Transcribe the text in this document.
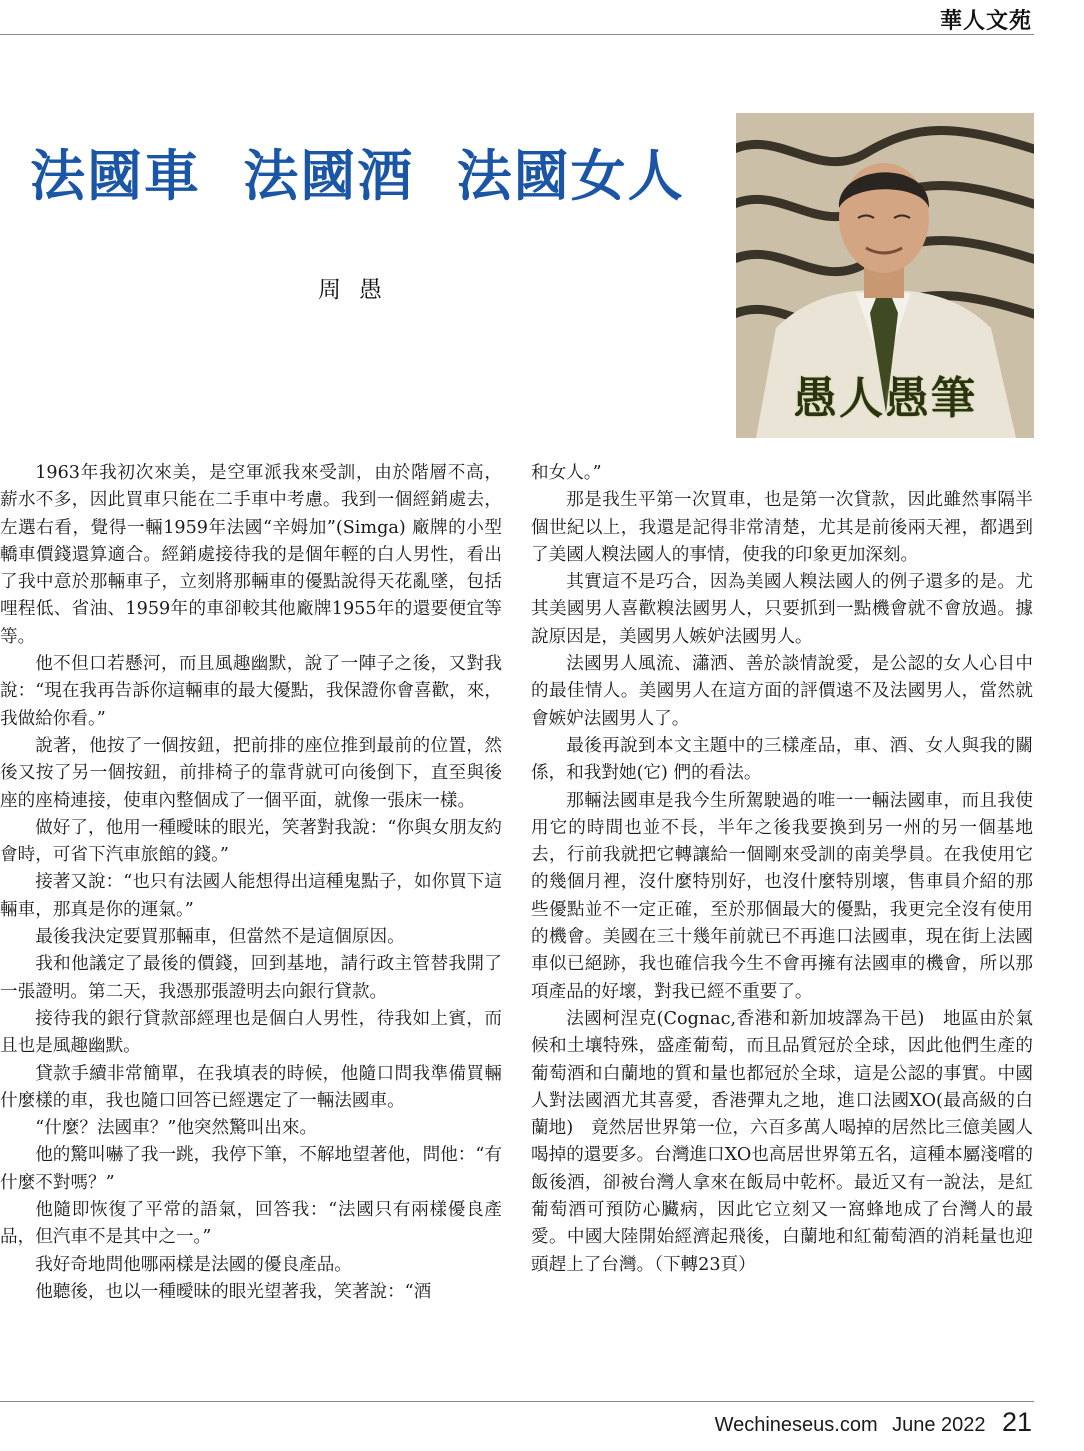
華人文苑
法國車  法國酒  法國女人
周愚
愚人愚筆

1963年我初次來美，是空軍派我來受訓，由於階層不高，薪水不多，因此買車只能在二手車中考慮。我到一個經銷處去，左選右看，覺得一輛1959年法國“辛姆加”(Simga) 廠牌的小型轎車價錢還算適合。經銷處接待我的是個年輕的白人男性，看出了我中意於那輛車子，立刻將那輛車的優點說得天花亂墜，包括哩程低、省油、1959年的車卻較其他廠牌1955年的還要便宜等等。

他不但口若懸河，而且風趣幽默，說了一陣子之後，又對我說：“現在我再告訴你這輛車的最大優點，我保證你會喜歡，來，我做給你看。”

說著，他按了一個按鈕，把前排的座位推到最前的位置，然後又按了另一個按鈕，前排椅子的靠背就可向後倒下，直至與後座的座椅連接，使車內整個成了一個平面，就像一張床一樣。

做好了，他用一種曖昧的眼光，笑著對我說：“你與女朋友約會時，可省下汽車旅館的錢。”

接著又說：“也只有法國人能想得出這種鬼點子，如你買下這輛車，那真是你的運氣。”

最後我決定要買那輛車，但當然不是這個原因。

我和他議定了最後的價錢，回到基地，請行政主管替我開了一張證明。第二天，我憑那張證明去向銀行貸款。

接待我的銀行貸款部經理也是個白人男性，待我如上賓，而且也是風趣幽默。

貸款手續非常簡單，在我填表的時候，他隨口問我準備買輛什麼樣的車，我也隨口回答已經選定了一輛法國車。

“什麼？法國車？”他突然驚叫出來。

他的驚叫嚇了我一跳，我停下筆，不解地望著他，問他：“有什麼不對嗎？”

他隨即恢復了平常的語氣，回答我：“法國只有兩樣優良產品，但汽車不是其中之一。”

我好奇地問他哪兩樣是法國的優良產品。

他聽後，也以一種曖昧的眼光望著我，笑著說：“酒

和女人。”

那是我生平第一次買車，也是第一次貸款，因此雖然事隔半個世紀以上，我還是記得非常清楚，尤其是前後兩天裡，都遇到了美國人糗法國人的事情，使我的印象更加深刻。

其實這不是巧合，因為美國人糗法國人的例子還多的是。尤其美國男人喜歡糗法國男人，只要抓到一點機會就不會放過。據說原因是，美國男人嫉妒法國男人。

法國男人風流、瀟洒、善於談情說愛，是公認的女人心目中的最佳情人。美國男人在這方面的評價遠不及法國男人，當然就會嫉妒法國男人了。

最後再說到本文主題中的三樣產品，車、酒、女人與我的關係，和我對她(它) 們的看法。

那輛法國車是我今生所駕駛過的唯一一輛法國車，而且我使用它的時間也並不長，半年之後我要換到另一州的另一個基地去，行前我就把它轉讓給一個剛來受訓的南美學員。在我使用它的幾個月裡，沒什麼特別好，也沒什麼特別壞，售車員介紹的那些優點並不一定正確，至於那個最大的優點，我更完全沒有使用的機會。美國在三十幾年前就已不再進口法國車，現在街上法國車似已絕跡，我也確信我今生不會再擁有法國車的機會，所以那項產品的好壞，對我已經不重要了。

法國柯涅克(Cognac,香港和新加坡譯為干邑)　地區由於氣候和土壤特殊，盛產葡萄，而且品質冠於全球，因此他們生產的葡萄酒和白蘭地的質和量也都冠於全球，這是公認的事實。中國人對法國酒尤其喜愛，香港彈丸之地，進口法國XO(最高級的白蘭地)　竟然居世界第一位，六百多萬人喝掉的居然比三億美國人喝掉的還要多。台灣進口XO也高居世界第五名，這種本屬淺嚐的飯後酒，卻被台灣人拿來在飯局中乾杯。最近又有一說法，是紅葡萄酒可預防心臟病，因此它立刻又一窩蜂地成了台灣人的最愛。中國大陸開始經濟起飛後，白蘭地和紅葡萄酒的消耗量也迎頭趕上了台灣。（下轉23頁）

Wechineseus.com June 2022 21
